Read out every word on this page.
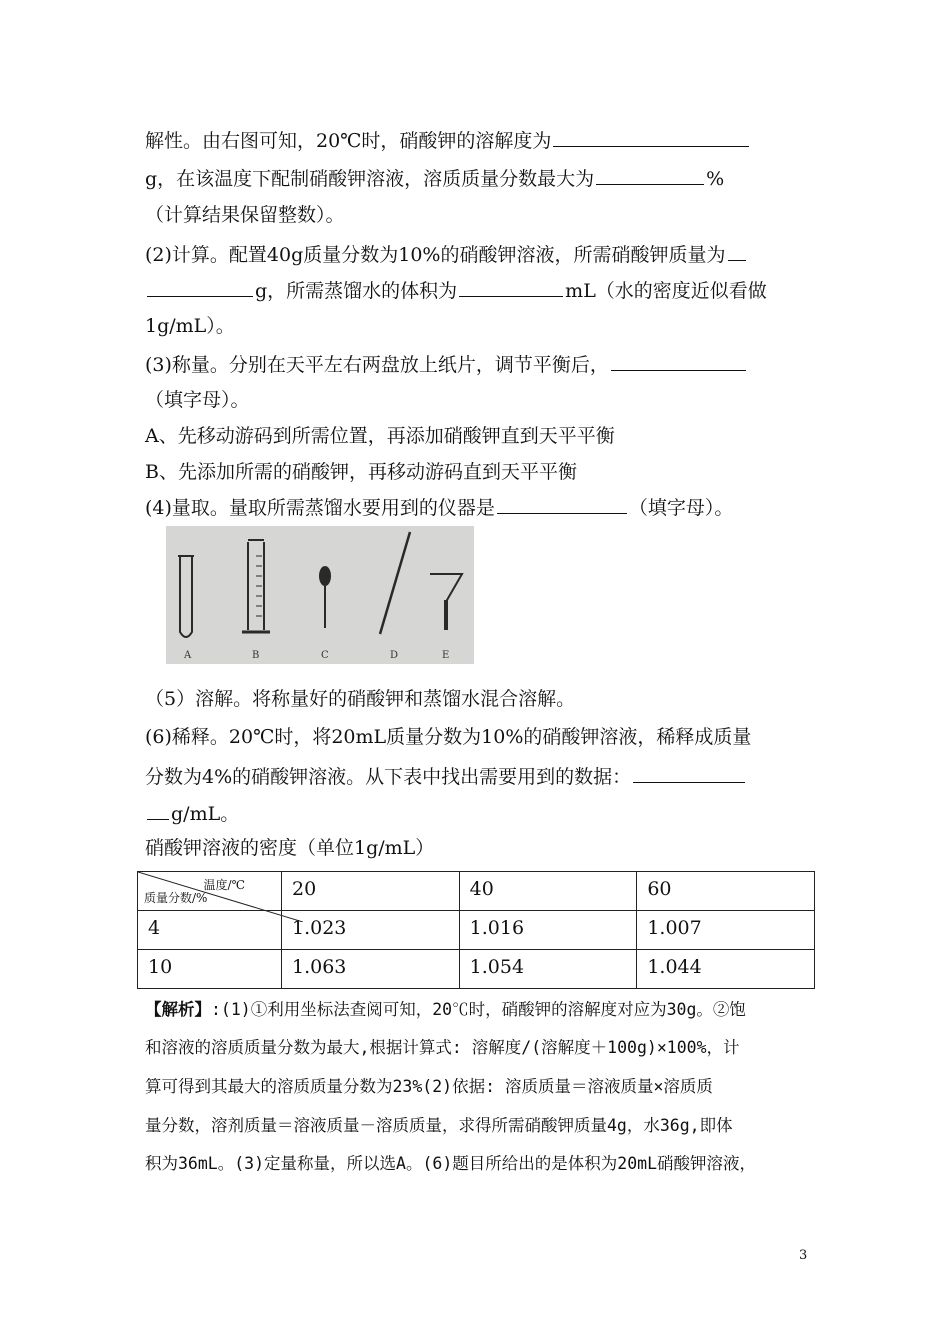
解性。由右图可知，20℃时，硝酸钾的溶解度为
g，在该温度下配制硝酸钾溶液，溶质质量分数最大为	%
（计算结果保留整数）。
(2)计算。配置40g质量分数为10%的硝酸钾溶液，所需硝酸钾质量为
g，所需蒸馏水的体积为	mL（水的密度近似看做
1g/mL）。
(3)称量。分别在天平左右两盘放上纸片，调节平衡后，
（填字母）。
A、先移动游码到所需位置，再添加硝酸钾直到天平平衡
B、先添加所需的硝酸钾，再移动游码直到天平平衡
(4)量取。量取所需蒸馏水要用到的仪器是	（填字母）。
A	B	C	D	E
（5）溶解。将称量好的硝酸钾和蒸馏水混合溶解。
(6)稀释。20℃时，将20mL质量分数为10%的硝酸钾溶液，稀释成质量
分数为4%的硝酸钾溶液。从下表中找出需要用到的数据：
g/mL。
硝酸钾溶液的密度（单位1g/mL）
温度/℃
质量分数/%	20	40	60
4	1.023	1.016	1.007
10	1.063	1.054	1.044
【解析】:(1)①利用坐标法查阅可知，20℃时，硝酸钾的溶解度对应为30g。②饱
和溶液的溶质质量分数为最大,根据计算式: 溶解度/(溶解度＋100g)×100%，计
算可得到其最大的溶质质量分数为23%(2)依据: 溶质质量＝溶液质量×溶质质
量分数，溶剂质量＝溶液质量－溶质质量，求得所需硝酸钾质量4g，水36g,即体
积为36mL。(3)定量称量，所以选A。(6)题目所给出的是体积为20mL硝酸钾溶液，
3
